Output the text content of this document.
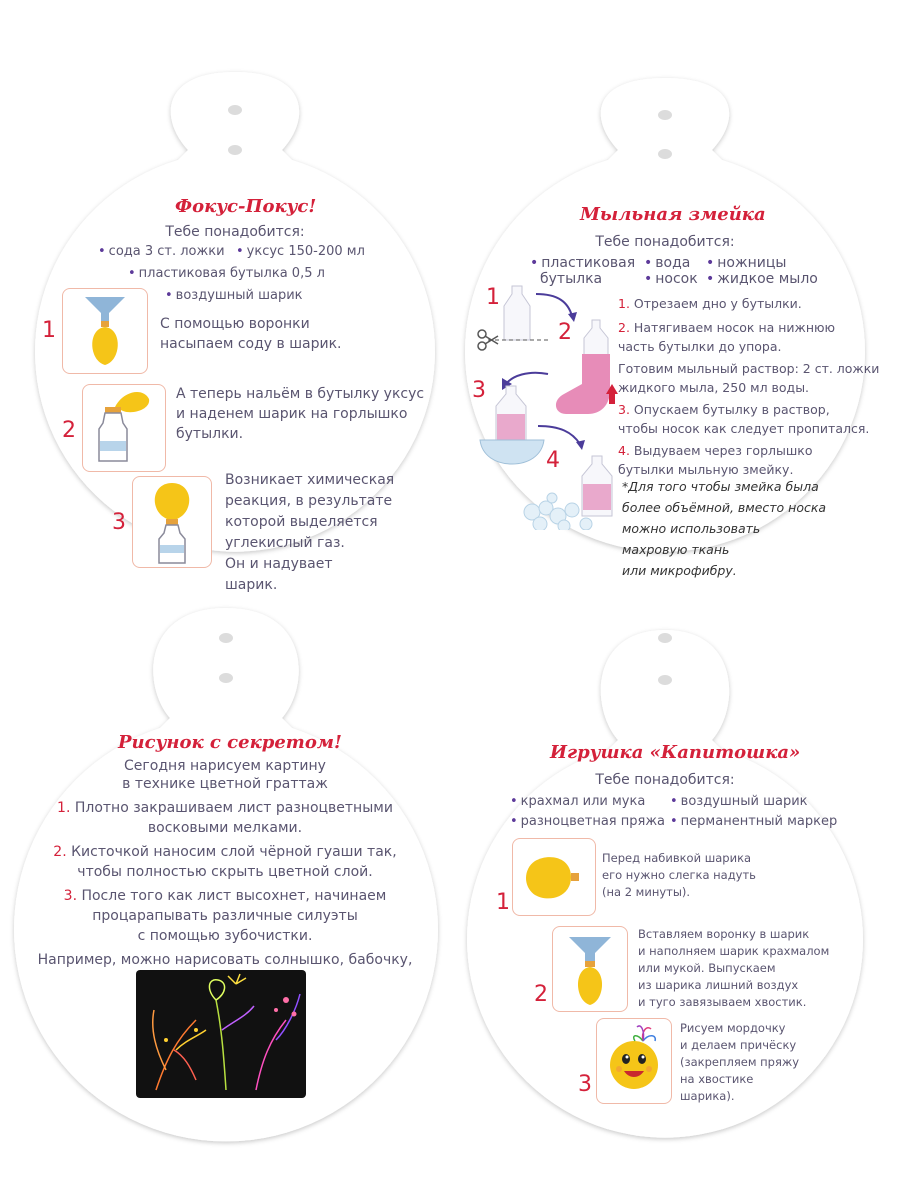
Фокус-Покус!
Тебе понадобится:
• сода 3 ст. ложки	• уксус 150-200 мл
• пластиковая бутылка 0,5 л
• воздушный шарик
1	С помощью воронки
насыпаем соду в шарик.
2
А теперь нальём в бутылку уксус
и наденем шарик на горлышко
бутылки.
3
Возникает химическая
реакция, в результате
которой выделяется
углекислый газ.
Он и надувает
шарик.
Мыльная змейка
Тебе понадобится:
• пластиковая
бутылка
• вода
• носок
• ножницы
• жидкое мыло
1
2
3
4
1. Отрезаем дно у бутылки.
2. Натягиваем носок на нижнюю
часть бутылки до упора.
Готовим мыльный раствор: 2 ст. ложки
жидкого мыла, 250 мл воды.
3. Опускаем бутылку в раствор,
чтобы носок как следует пропитался.
4. Выдуваем через горлышко
бутылки мыльную змейку.
*Для того чтобы змейка была
более объёмной, вместо носка
можно использовать
махровую ткань
или микрофибру.
Рисунок с секретом!
Сегодня нарисуем картину
в технике цветной граттаж
1. Плотно закрашиваем лист разноцветными
восковыми мелками.
2. Кисточкой наносим слой чёрной гуаши так,
чтобы полностью скрыть цветной слой.
3. После того как лист высохнет, начинаем
процарапывать различные силуэты
с помощью зубочистки.
Например, можно нарисовать солнышко, бабочку,
Игрушка «Капитошка»
Тебе понадобится:
• крахмал или мука	• воздушный шарик
• разноцветная пряжа	• перманентный маркер
1
Перед набивкой шарика
его нужно слегка надуть
(на 2 минуты).
2
Вставляем воронку в шарик
и наполняем шарик крахмалом
или мукой. Выпускаем
из шарика лишний воздух
и туго завязываем хвостик.
3
Рисуем мордочку
и делаем причёску
(закрепляем пряжу
на хвостике
шарика).
